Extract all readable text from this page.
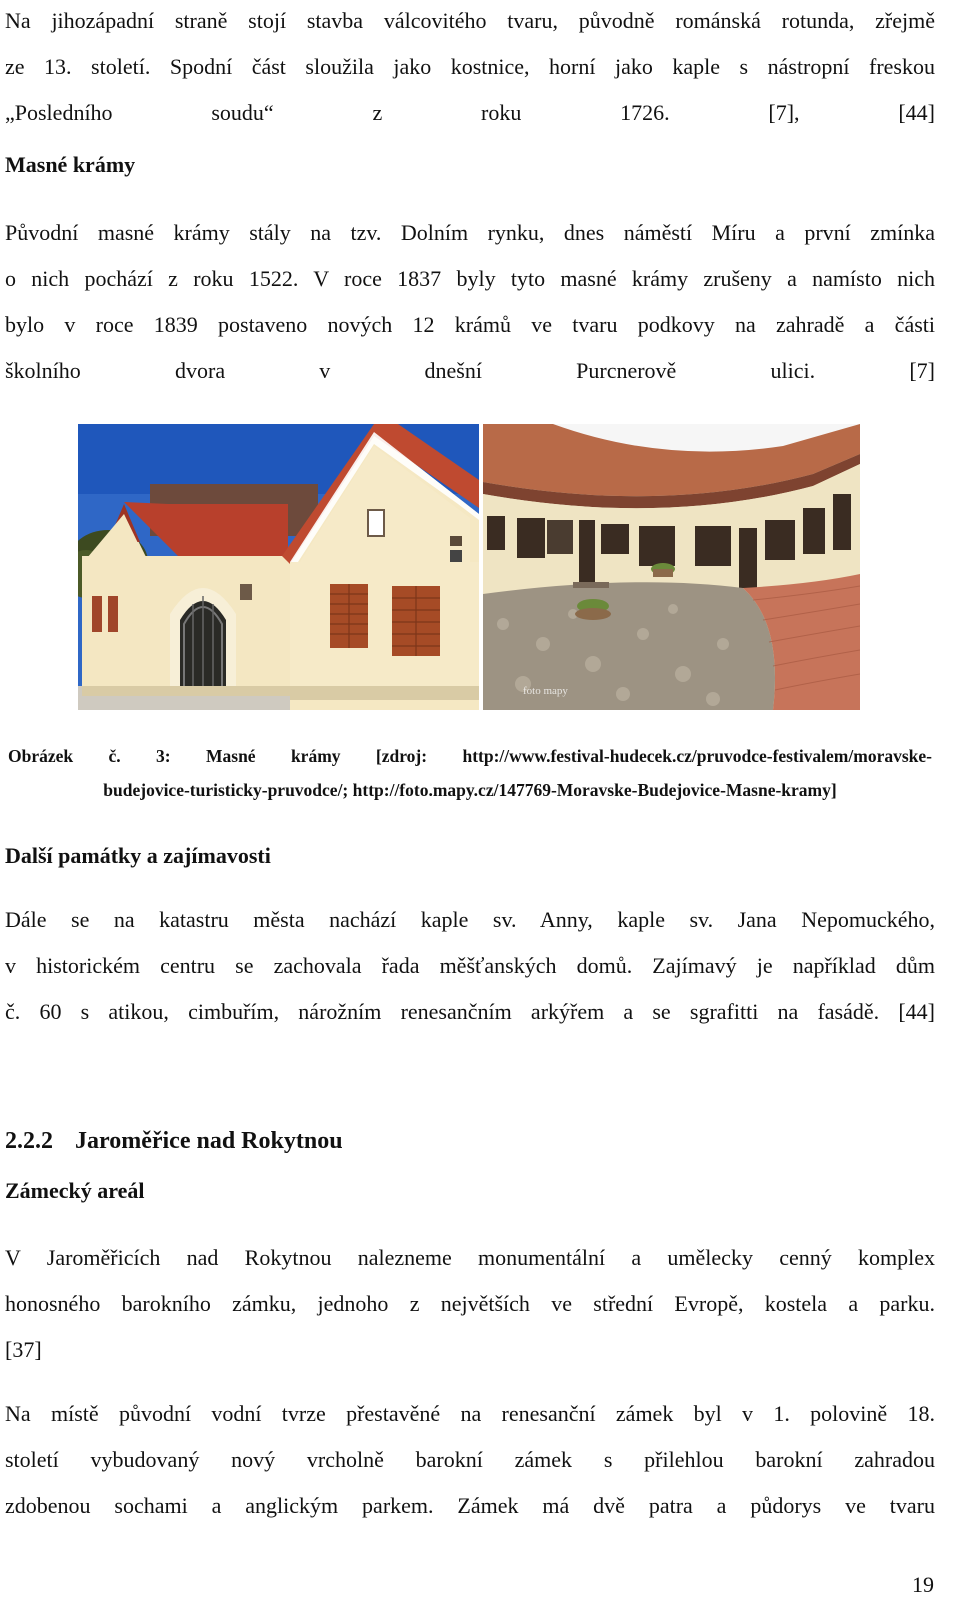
Na jihozápadní straně stojí stavba válcovitého tvaru, původně románská rotunda, zřejmě
ze 13. století. Spodní část sloužila jako kostnice, horní jako kaple s nástropní freskou
„Posledního soudu“ z roku 1726. [7], [44]
Masné krámy
Původní masné krámy stály na tzv. Dolním rynku, dnes náměstí Míru a první zmínka
o nich pochází z roku 1522. V roce 1837 byly tyto masné krámy zrušeny a namísto nich
bylo v roce 1839 postaveno nových 12 krámů ve tvaru podkovy na zahradě a části
školního dvora v dnešní Purcnerově ulici. [7]
foto mapy
Obrázek č. 3: Masné krámy [zdroj: http://www.festival-hudecek.cz/pruvodce-festivalem/moravske-
budejovice-turisticky-pruvodce/; http://foto.mapy.cz/147769-Moravske-Budejovice-Masne-kramy]
Další památky a zajímavosti
Dále se na katastru města nachází kaple sv. Anny, kaple sv. Jana Nepomuckého,
v historickém centru se zachovala řada měšťanských domů. Zajímavý je například dům
č. 60 s atikou, cimbuřím, nárožním renesančním arkýřem a se sgrafitti na fasádě. [44]
2.2.2 Jaroměřice nad Rokytnou
Zámecký areál
V Jaroměřicích nad Rokytnou nalezneme monumentální a umělecky cenný komplex
honosného barokního zámku, jednoho z největších ve střední Evropě, kostela a parku.
[37]
Na místě původní vodní tvrze přestavěné na renesanční zámek byl v 1. polovině 18.
století vybudovaný nový vrcholně barokní zámek s přilehlou barokní zahradou
zdobenou sochami a anglickým parkem. Zámek má dvě patra a půdorys ve tvaru
19
